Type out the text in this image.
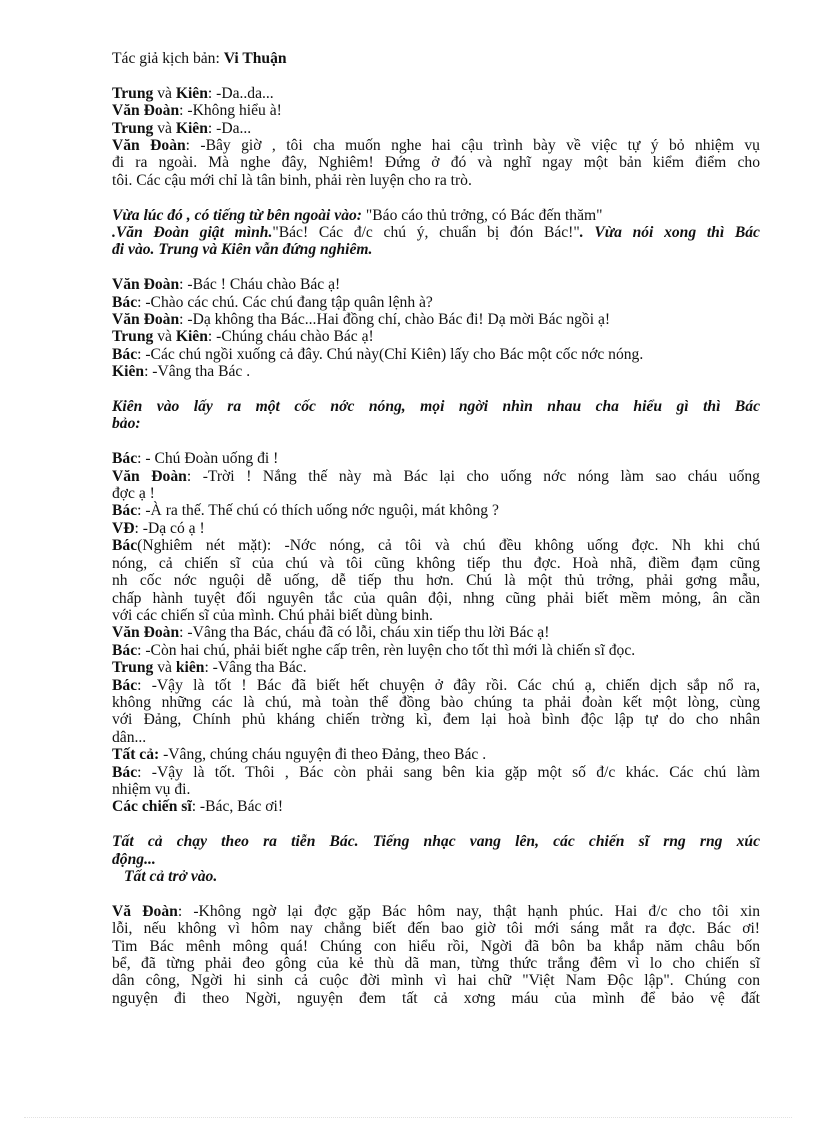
Tác giả kịch bản: Vi Thuận
Trung và Kiên: -Da..da...
Văn Đoàn: -Không hiểu à!
Trung và Kiên: -Da...
Văn Đoàn: -Bây giờ , tôi cha muốn nghe hai cậu trình bày về việc tự ý bỏ nhiệm vụ
đi ra ngoài. Mà nghe đây, Nghiêm! Đứng ở đó và nghĩ ngay một bản kiểm điểm cho
tôi. Các cậu mới chỉ là tân binh, phải rèn luyện cho ra trò.
Vừa lúc đó , có tiếng từ bên ngoài vào: "Báo cáo thủ trởng, có Bác đến thăm"
.Văn Đoàn giật mình."Bác! Các đ/c chú ý, chuẩn bị đón Bác!". Vừa nói xong thì Bác
đi vào. Trung và Kiên vẫn đứng nghiêm.
Văn Đoàn: -Bác ! Cháu chào Bác ạ!
Bác: -Chào các chú. Các chú đang tập quân lệnh à?
Văn Đoàn: -Dạ không tha Bác...Hai đồng chí, chào Bác đi! Dạ mời Bác ngồi ạ!
Trung và Kiên: -Chúng cháu chào Bác ạ!
Bác: -Các chú ngồi xuống cả đây. Chú này(Chỉ Kiên) lấy cho Bác một cốc nớc nóng.
Kiên: -Vâng tha Bác .
Kiên vào lấy ra một cốc nớc nóng, mọi ngời nhìn nhau cha hiểu gì thì Bác
bảo:
Bác: - Chú Đoàn uống đi !
Văn Đoàn: -Trời ! Nắng thế này mà Bác lại cho uống nớc nóng làm sao cháu uống
đợc ạ !
Bác: -À ra thế. Thế chú có thích uống nớc nguội, mát không ?
VĐ: -Dạ có ạ !
Bác(Nghiêm nét mặt): -Nớc nóng, cả tôi và chú đều không uống đợc. Nh khi chú
nóng, cả chiến sĩ của chú và tôi cũng không tiếp thu đợc. Hoà nhã, điềm đạm cũng
nh cốc nớc nguội dễ uống, dễ tiếp thu hơn. Chú là một thủ trởng, phải gơng mẫu,
chấp hành tuyệt đối nguyên tắc của quân đội, nhng cũng phải biết mềm mỏng, ân cần
với các chiến sĩ của mình. Chú phải biết dùng binh.
Văn Đoàn: -Vâng tha Bác, cháu đã có lỗi, cháu xin tiếp thu lời Bác ạ!
Bác: -Còn hai chú, phải biết nghe cấp trên, rèn luyện cho tốt thì mới là chiến sĩ đọc.
Trung và kiên: -Vâng tha Bác.
Bác: -Vậy là tốt ! Bác đã biết hết chuyện ở đây rồi. Các chú ạ, chiến dịch sắp nổ ra,
không những các là chú, mà toàn thể đồng bào chúng ta phải đoàn kết một lòng, cùng
với Đảng, Chính phủ kháng chiến trờng kì, đem lại hoà bình độc lập tự do cho nhân
dân...
Tất cả: -Vâng, chúng cháu nguyện đi theo Đảng, theo Bác .
Bác: -Vậy là tốt. Thôi , Bác còn phải sang bên kia gặp một số đ/c khác. Các chú làm
nhiệm vụ đi.
Các chiến sĩ: -Bác, Bác ơi!
Tất cả chạy theo ra tiễn Bác. Tiếng nhạc vang lên, các chiến sĩ rng rng xúc
động...
Tất cả trở vào.
Vă Đoàn: -Không ngờ lại đợc gặp Bác hôm nay, thật hạnh phúc. Hai đ/c cho tôi xin
lỗi, nếu không vì hôm nay chẳng biết đến bao giờ tôi mới sáng mắt ra đợc. Bác ơi!
Tim Bác mênh mông quá! Chúng con hiểu rồi, Ngời đã bôn ba khắp năm châu bốn
bể, đã từng phải đeo gông của kẻ thù dã man, từng thức trắng đêm vì lo cho chiến sĩ
dân công, Ngời hi sinh cả cuộc đời mình vì hai chữ "Việt Nam Độc lập". Chúng con
nguyện đi theo Ngời, nguyện đem tất cả xơng máu của mình để bảo vệ đất
